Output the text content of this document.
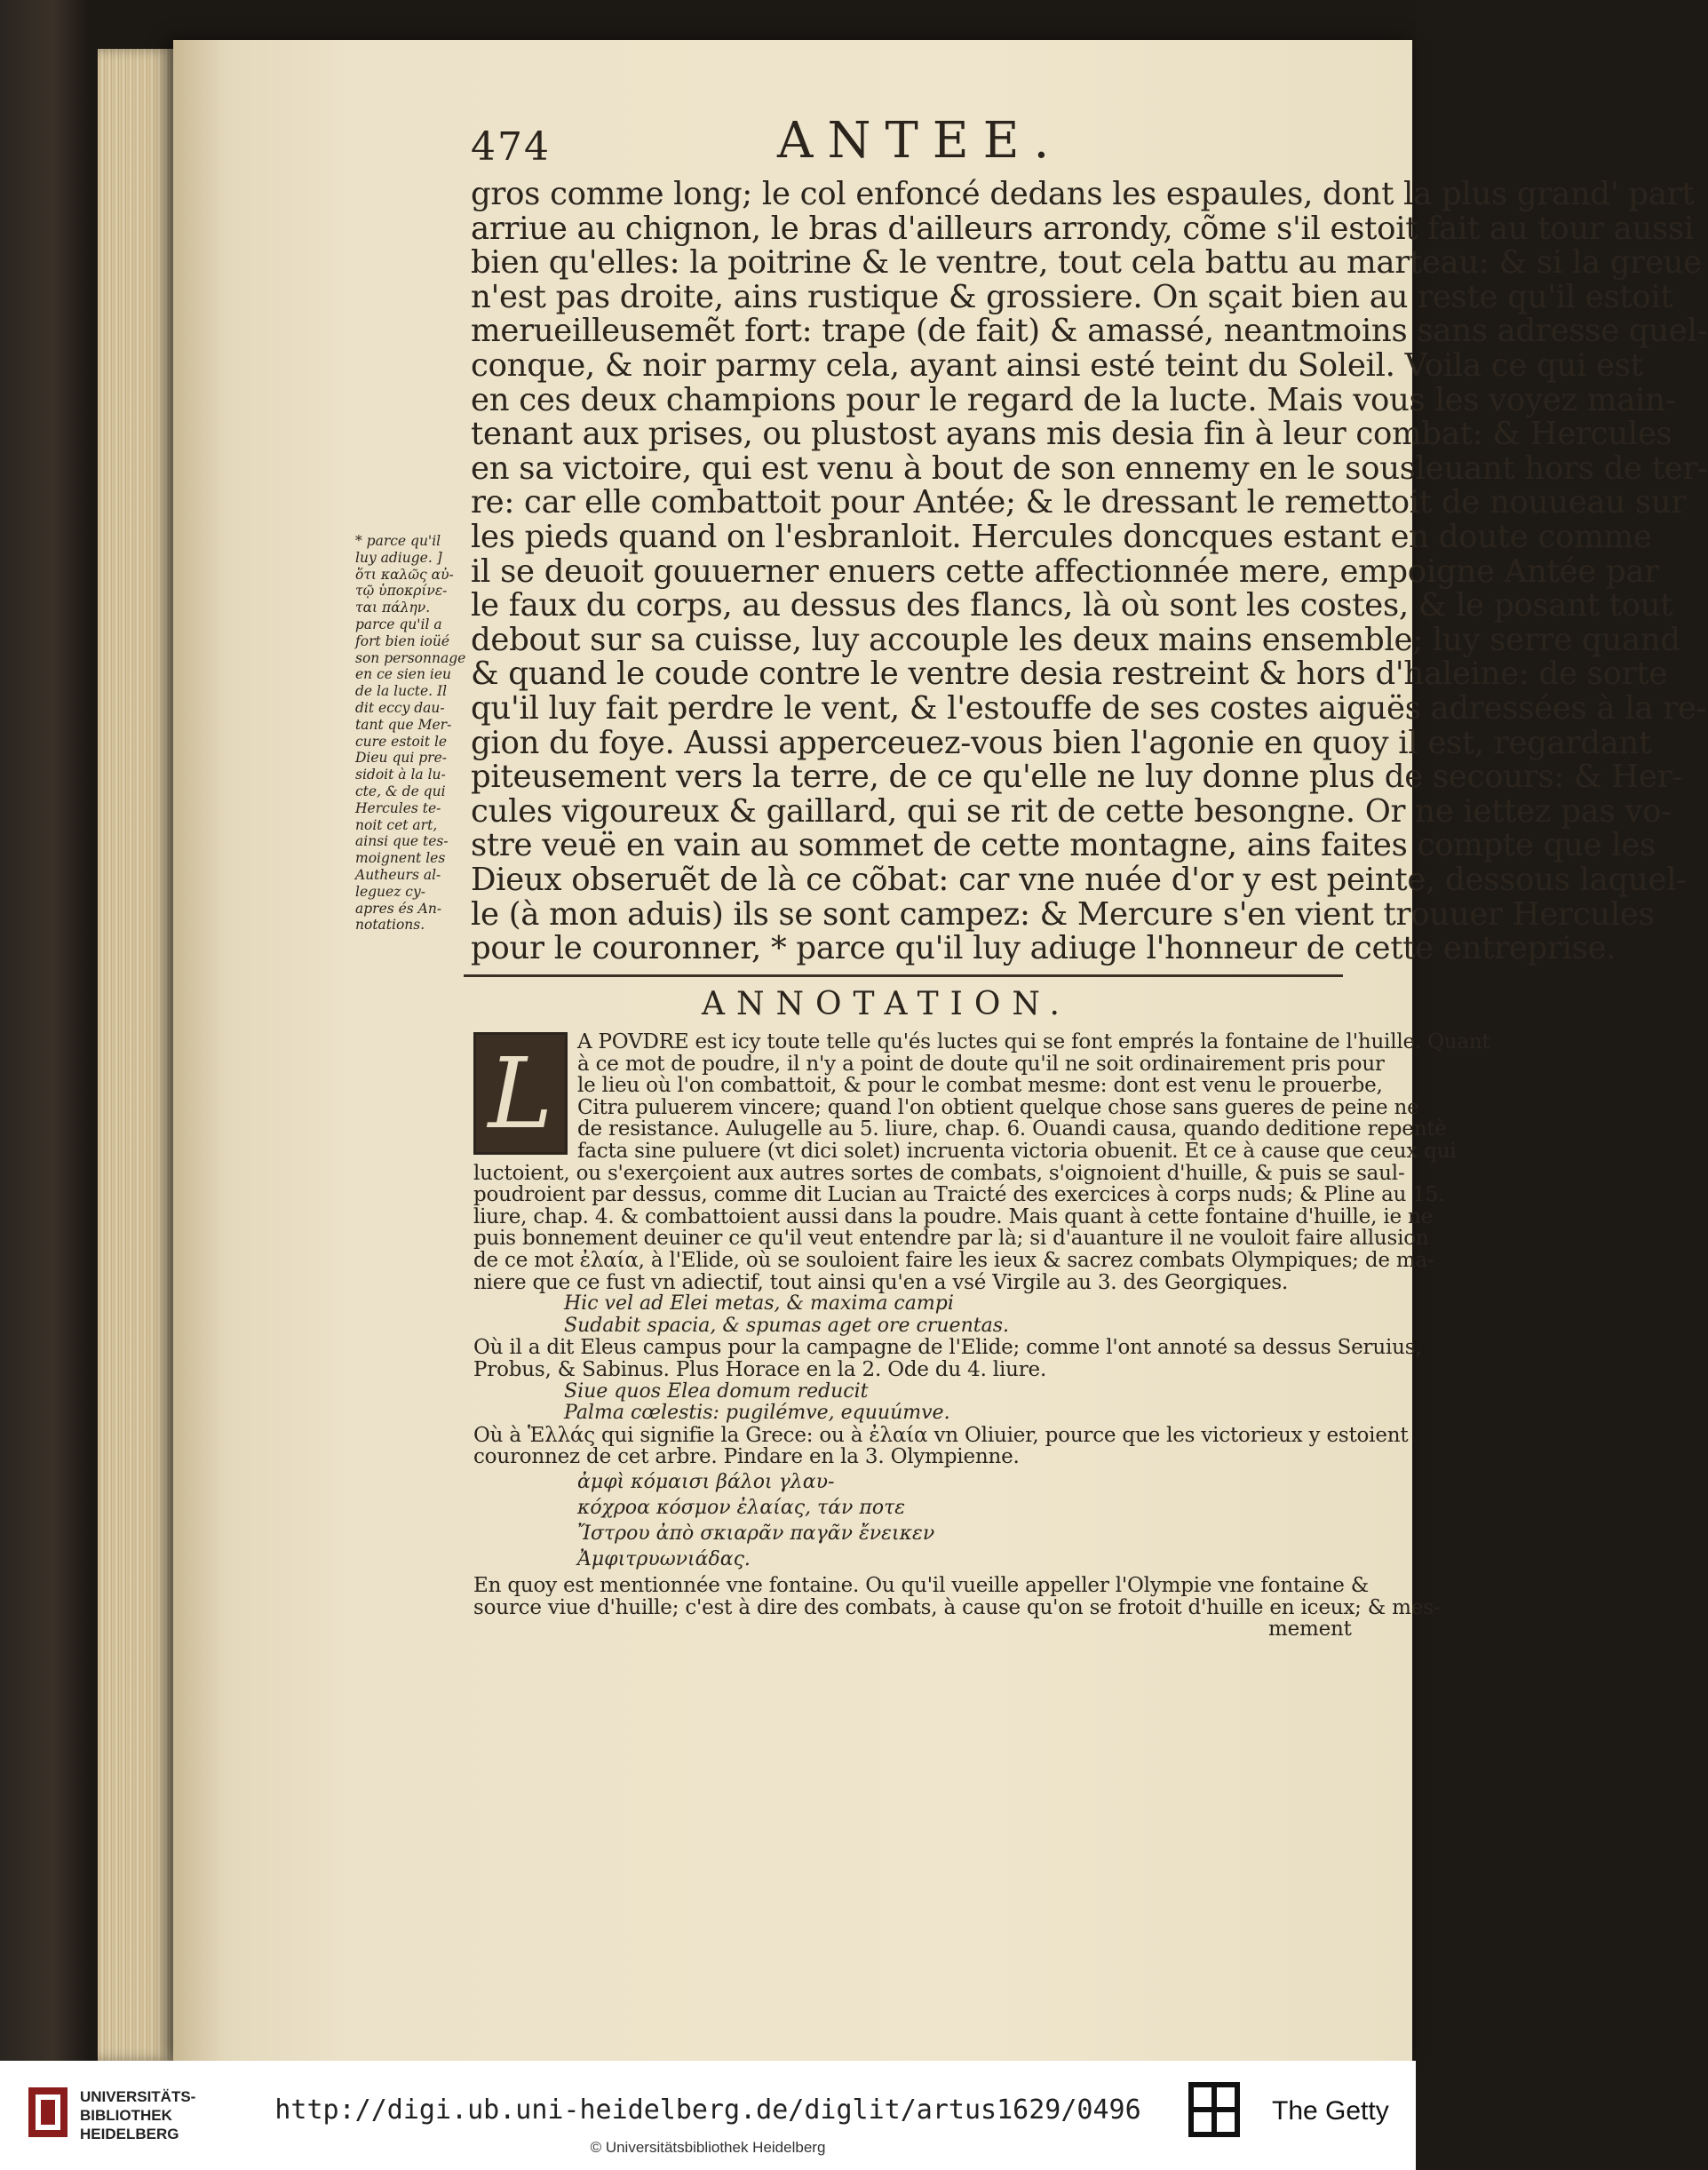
474	ANTEE.
gros comme long; le col enfoncé dedans les espaules, dont la plus grand' part
arriue au chignon, le bras d'ailleurs arrondy, cõme s'il estoit fait au tour aussi
bien qu'elles: la poitrine & le ventre, tout cela battu au marteau: & si la greue
n'est pas droite, ains rustique & grossiere. On sçait bien au reste qu'il estoit
merueilleusemẽt fort: trape (de fait) & amassé, neantmoins sans adresse quel-
conque, & noir parmy cela, ayant ainsi esté teint du Soleil. Voila ce qui est
en ces deux champions pour le regard de la lucte. Mais vous les voyez main-
tenant aux prises, ou plustost ayans mis desia fin à leur combat: & Hercules
en sa victoire, qui est venu à bout de son ennemy en le sousleuant hors de ter-
re: car elle combattoit pour Antée; & le dressant le remettoit de nouueau sur
les pieds quand on l'esbranloit. Hercules doncques estant en doute comme
il se deuoit gouuerner enuers cette affectionnée mere, empoigne Antée par
le faux du corps, au dessus des flancs, là où sont les costes, & le posant tout
debout sur sa cuisse, luy accouple les deux mains ensemble; luy serre quand
& quand le coude contre le ventre desia restreint & hors d'haleine: de sorte
qu'il luy fait perdre le vent, & l'estouffe de ses costes aiguës adressées à la re-
gion du foye. Aussi apperceuez-vous bien l'agonie en quoy il est, regardant
piteusement vers la terre, de ce qu'elle ne luy donne plus de secours: & Her-
cules vigoureux & gaillard, qui se rit de cette besongne. Or ne iettez pas vo-
stre veuë en vain au sommet de cette montagne, ains faites compte que les
Dieux obseruẽt de là ce cõbat: car vne nuée d'or y est peinte, dessous laquel-
le (à mon aduis) ils se sont campez: & Mercure s'en vient trouuer Hercules
pour le couronner, * parce qu'il luy adiuge l'honneur de cette entreprise.
* parce qu'il
luy adiuge. ]
ὅτι καλῶς αὐ-
τῷ ὑποκρίνε-
ται πάλην.
parce qu'il a
fort bien ioüé
son personnage
en ce sien ieu
de la lucte. Il
dit eccy dau-
tant que Mer-
cure estoit le
Dieu qui pre-
sidoit à la lu-
cte, & de qui
Hercules te-
noit cet art,
ainsi que tes-
moignent les
Autheurs al-
leguez cy-
apres és An-
notations.
ANNOTATION.
L	A POVDRE est icy toute telle qu'és luctes qui se font emprés la fontaine de l'huille. Quant
à ce mot de poudre, il n'y a point de doute qu'il ne soit ordinairement pris pour
le lieu où l'on combattoit, & pour le combat mesme: dont est venu le prouerbe,
Citra puluerem vincere; quand l'on obtient quelque chose sans gueres de peine ne
de resistance. Aulugelle au 5. liure, chap. 6. Ouandi causa, quando deditione repentè
facta sine puluere (vt dici solet) incruenta victoria obuenit. Et ce à cause que ceux qui
luctoient, ou s'exerçoient aux autres sortes de combats, s'oignoient d'huille, & puis se saul-
poudroient par dessus, comme dit Lucian au Traicté des exercices à corps nuds; & Pline au 15.
liure, chap. 4. & combattoient aussi dans la poudre. Mais quant à cette fontaine d'huille, ie ne
puis bonnement deuiner ce qu'il veut entendre par là; si d'auanture il ne vouloit faire allusion
de ce mot ἐλαία, à l'Elide, où se souloient faire les ieux & sacrez combats Olympiques; de ma-
niere que ce fust vn adiectif, tout ainsi qu'en a vsé Virgile au 3. des Georgiques.
Hic vel ad Elei metas, & maxima campi
Sudabit spacia, & spumas aget ore cruentas.
Où il a dit Eleus campus pour la campagne de l'Elide; comme l'ont annoté sa dessus Seruius,
Probus, & Sabinus. Plus Horace en la 2. Ode du 4. liure.
Siue quos Elea domum reducit
Palma cœlestis: pugilémve, equuúmve.
Où à Ἑλλάς qui signifie la Grece: ou à ἐλαία vn Oliuier, pource que les victorieux y estoient
couronnez de cet arbre. Pindare en la 3. Olympienne.
ἀμφὶ κόμαισι βάλοι γλαυ-
κόχροα κόσμον ἐλαίας, τάν ποτε
Ἴστρου ἀπὸ σκιαρᾶν παγᾶν ἔνεικεν
Ἀμφιτρυωνιάδας.
En quoy est mentionnée vne fontaine. Ou qu'il vueille appeller l'Olympie vne fontaine &
source viue d'huille; c'est à dire des combats, à cause qu'on se frotoit d'huille en iceux; & mes-
mement
UNIVERSITÄTS-
BIBLIOTHEK
HEIDELBERG
http://digi.ub.uni-heidelberg.de/diglit/artus1629/0496
© Universitätsbibliothek Heidelberg
The Getty
